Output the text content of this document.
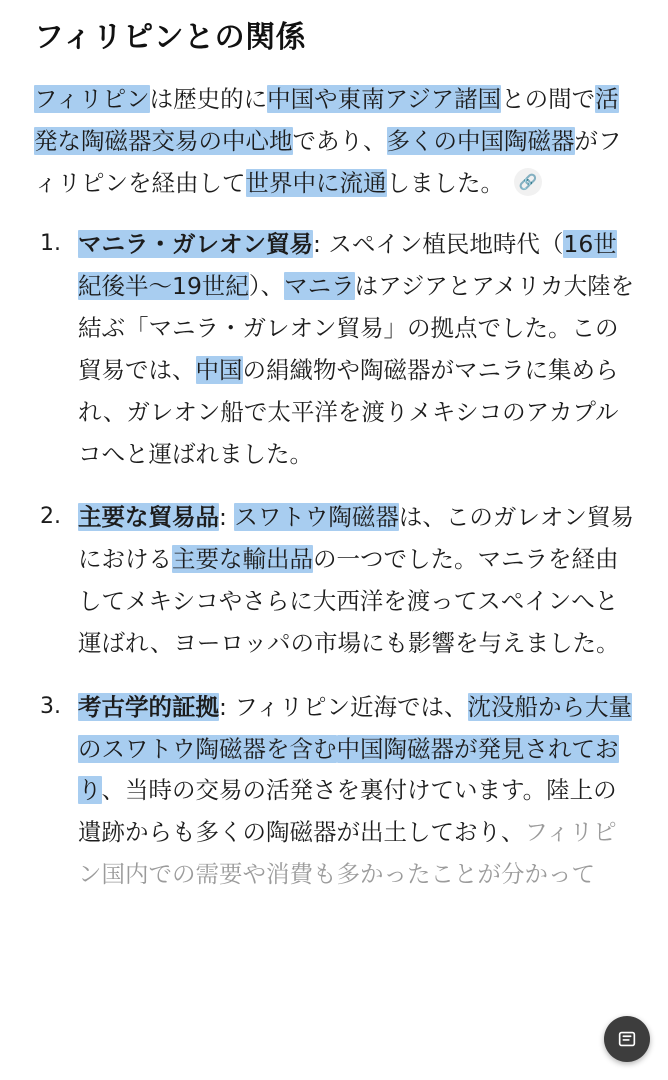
フィリピンとの関係

フィリピンは歴史的に中国や東南アジア諸国との間で活発な陶磁器交易の中心地であり、多くの中国陶磁器がフィリピンを経由して世界中に流通しました。 🔗

マニラ・ガレオン貿易: スペイン植民地時代（16世紀後半〜19世紀）、マニラはアジアとアメリカ大陸を結ぶ「マニラ・ガレオン貿易」の拠点でした。この貿易では、中国の絹織物や陶磁器がマニラに集められ、ガレオン船で太平洋を渡りメキシコのアカプルコへと運ばれました。
主要な貿易品: スワトウ陶磁器は、このガレオン貿易における主要な輸出品の一つでした。マニラを経由してメキシコやさらに大西洋を渡ってスペインへと運ばれ、ヨーロッパの市場にも影響を与えました。
考古学的証拠: フィリピン近海では、沈没船から大量のスワトウ陶磁器を含む中国陶磁器が発見されており、当時の交易の活発さを裏付けています。陸上の遺跡からも多くの陶磁器が出土しており、フィリピン国内での需要や消費も多かったことが分かって
